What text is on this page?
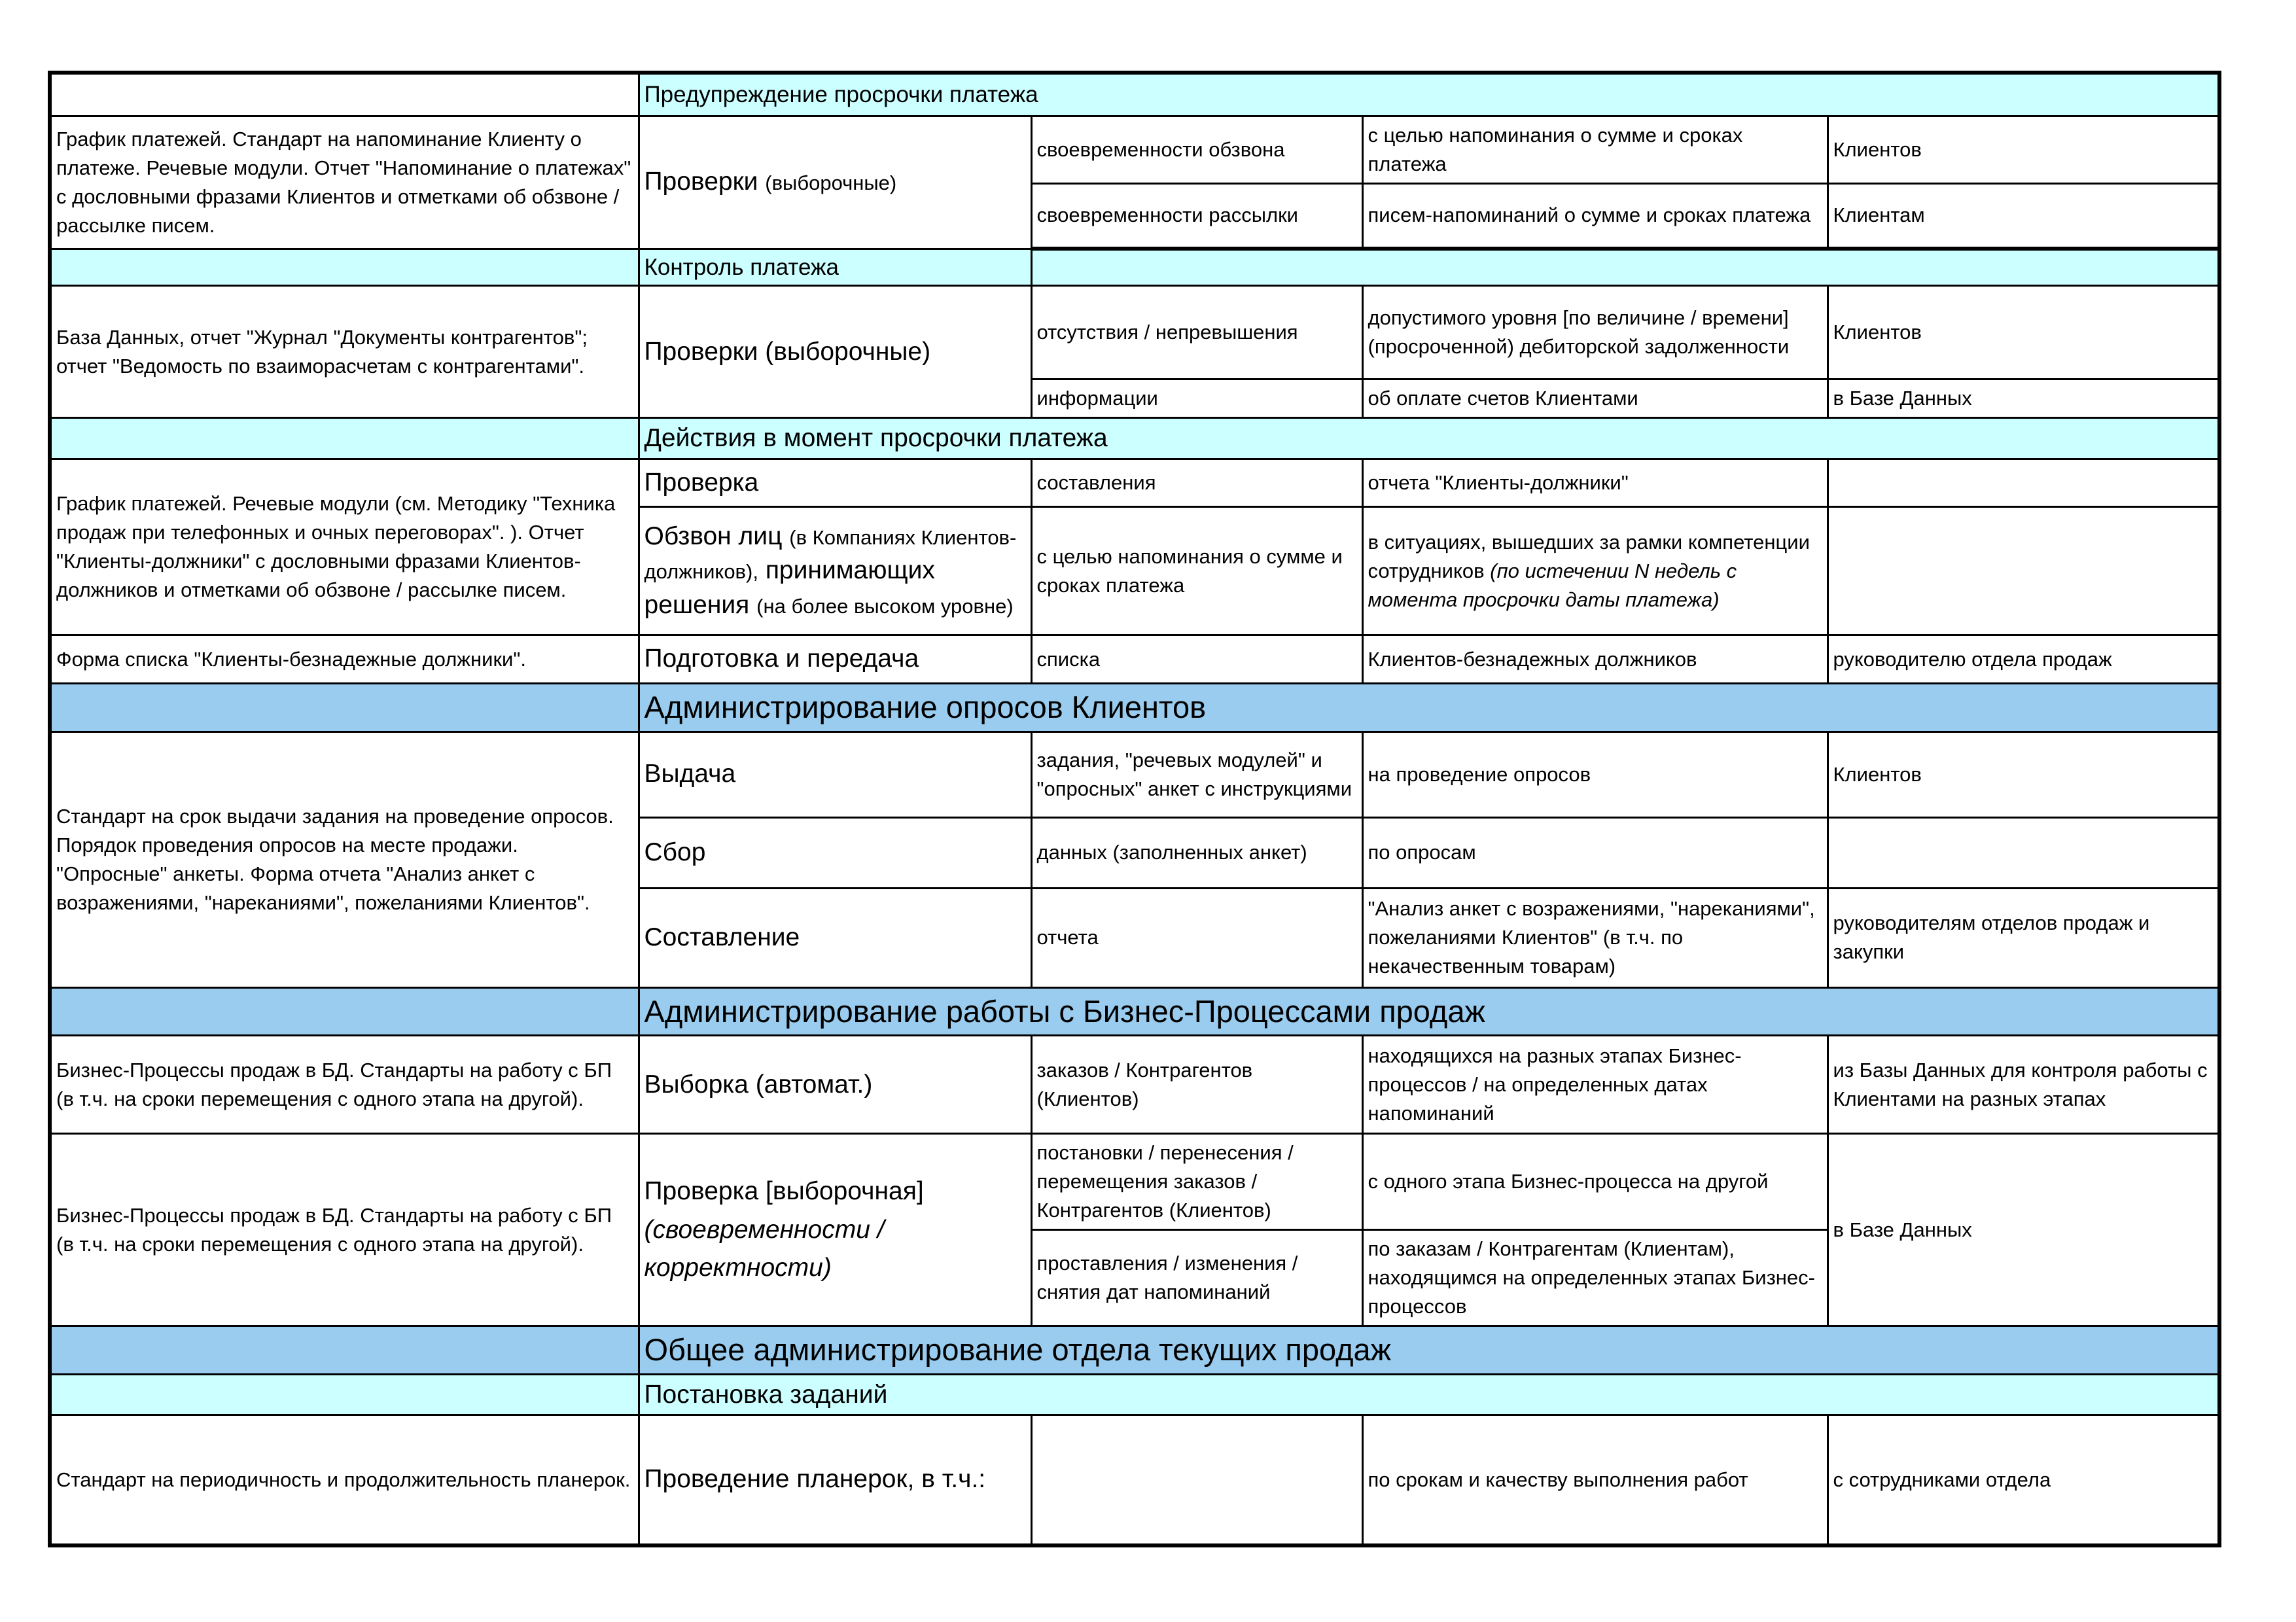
	Предупреждение просрочки платежа			
График платежей. Стандарт на напоминание Клиенту о платеже. Речевые модули. Отчет "Напоминание о платежах" с дословными фразами Клиентов и отметками об обзвоне / рассылке писем.	Проверки (выборочные)	своевременности обзвона	с целью напоминания о сумме и сроках платежа	Клиентов
		своевременности рассылки	писем-напоминаний о сумме и сроках платежа	Клиентам
	Контроль платежа			
База Данных, отчет "Журнал "Документы контрагентов"; отчет "Ведомость по взаиморасчетам с контрагентами".	Проверки (выборочные)	отсутствия / непревышения	допустимого уровня [по величине / времени] (просроченной) дебиторской задолженности	Клиентов
		информации	об оплате счетов Клиентами	в Базе Данных
	Действия в момент просрочки платежа			
График платежей. Речевые модули (см. Методику "Техника продаж при телефонных и очных переговорах". ). Отчет "Клиенты-должники" с дословными фразами Клиентов-должников и отметками об обзвоне / рассылке писем.	Проверка	составления	отчета "Клиенты-должники"	
	Обзвон лиц (в Компаниях Клиентов-должников), принимающих решения (на более высоком уровне)	с целью напоминания о сумме и сроках платежа	в ситуациях, вышедших за рамки компетенции сотрудников (по истечении N недель с момента просрочки даты платежа)	
Форма списка "Клиенты-безнадежные должники".	Подготовка и передача	списка	Клиентов-безнадежных должников	руководителю отдела продаж
	Администрирование опросов Клиентов			
Стандарт на срок выдачи задания на проведение опросов. Порядок проведения опросов на месте продажи. "Опросные" анкеты. Форма отчета "Анализ анкет с возражениями, "нареканиями", пожеланиями Клиентов".	Выдача	задания, "речевых модулей" и "опросных" анкет с инструкциями	на проведение опросов	Клиентов
	Сбор	данных (заполненных анкет)	по опросам	
	Составление	отчета	"Анализ анкет с возражениями, "нареканиями", пожеланиями Клиентов" (в т.ч. по некачественным товарам)	руководителям отделов продаж и закупки
	Администрирование работы с Бизнес-Процессами продаж			
Бизнес-Процессы продаж в БД. Стандарты на работу с БП (в т.ч. на сроки перемещения с одного этапа на другой).	Выборка (автомат.)	заказов / Контрагентов (Клиентов)	находящихся на разных этапах Бизнес-процессов / на определенных датах напоминаний	из Базы Данных для контроля работы с Клиентами на разных этапах
Бизнес-Процессы продаж в БД. Стандарты на работу с БП (в т.ч. на сроки перемещения с одного этапа на другой).	Проверка [выборочная] (своевременности / корректности)	постановки / перенесения / перемещения заказов / Контрагентов (Клиентов)	с одного этапа Бизнес-процесса на другой	в Базе Данных
		проставления / изменения / снятия дат напоминаний	по заказам / Контрагентам (Клиентам), находящимся на определенных этапах Бизнес-процессов	
	Общее администрирование отдела текущих продаж			
	Постановка заданий			
Стандарт на периодичность и продолжительность планерок.	Проведение планерок, в т.ч.:		по срокам и качеству выполнения работ	с сотрудниками отдела
